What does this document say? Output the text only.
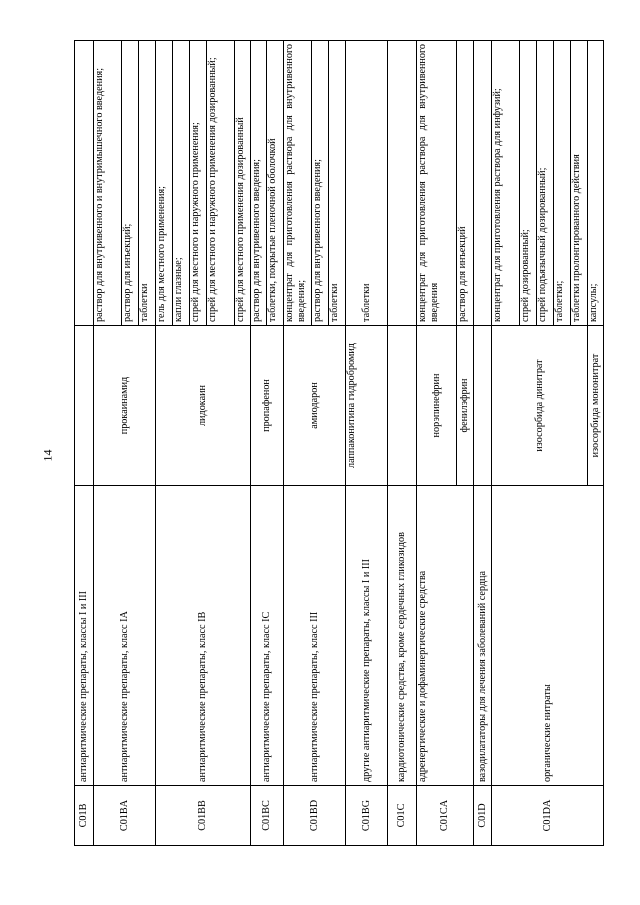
14
C01B	антиаритмические препараты, классы I и III		
C01BA	антиаритмические препараты, класс IA	прокаинамид	раствор для внутривенного и внутримышечного введения;
			раствор для инъекций;
			таблетки
C01BB	антиаритмические препараты, класс IB	лидокаин	гель для местного применения;
			капли глазные;
			спрей для местного и наружного применения;
			спрей для местного и наружного применения дозированный;
			спрей для местного применения дозированный
C01BC	антиаритмические препараты, класс IC	пропафенон	раствор для внутривенного введения;
			таблетки, покрытые пленочной оболочкой
C01BD	антиаритмические препараты, класс III	амиодарон	концентрат для приготовления раствора для внутривенного введения;
			раствор для внутривенного введения;
			таблетки
C01BG	другие антиаритмические препараты, классы I и III	лаппаконитина гидробромид	таблетки
C01C	кардиотонические средства, кроме сердечных гликозидов		
C01CA	адренергические и дофаминергические средства	норэпинефрин	концентрат для приготовления раствора для внутривенного введения
		фенилэфрин	раствор для инъекций
C01D	вазодилататоры для лечения заболеваний сердца		
C01DA	органические нитраты	изосорбида динитрат	концентрат для приготовления раствора для инфузий;
			спрей дозированный;
			спрей подъязычный дозированный;
			таблетки;
			таблетки пролонгированного действия
		изосорбида мононитрат	капсулы;
